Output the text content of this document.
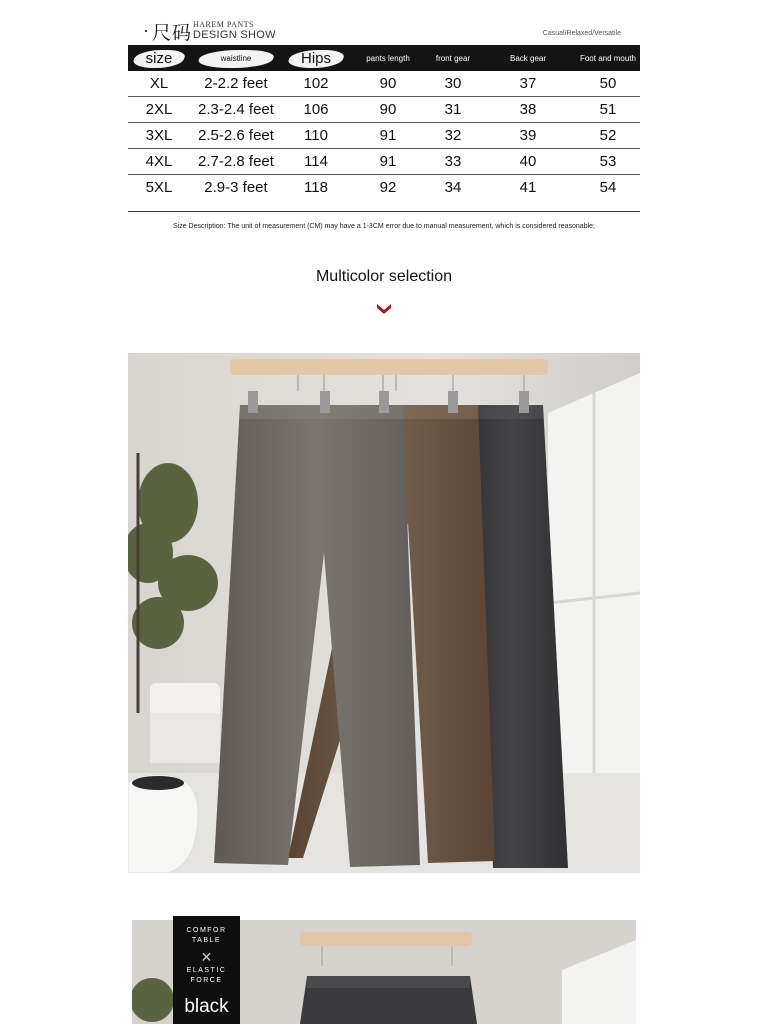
· 尺码 HAREM PANTS
DESIGN SHOW	Casual/Relaxed/Versatile
size	waistline	Hips	pants length	front gear	Back gear	Foot and mouth
XL	2-2.2 feet	102	90	30	37	50
2XL	2.3-2.4 feet	106	90	31	38	51
3XL	2.5-2.6 feet	110	91	32	39	52
4XL	2.7-2.8 feet	114	91	33	40	53
5XL	2.9-3 feet	118	92	34	41	54
Size Description: The unit of measurement (CM) may have a 1-3CM error due to manual measurement, which is considered reasonable;
Multicolor selection
COMFOR TABLE
✕
ELASTIC FORCE
black
